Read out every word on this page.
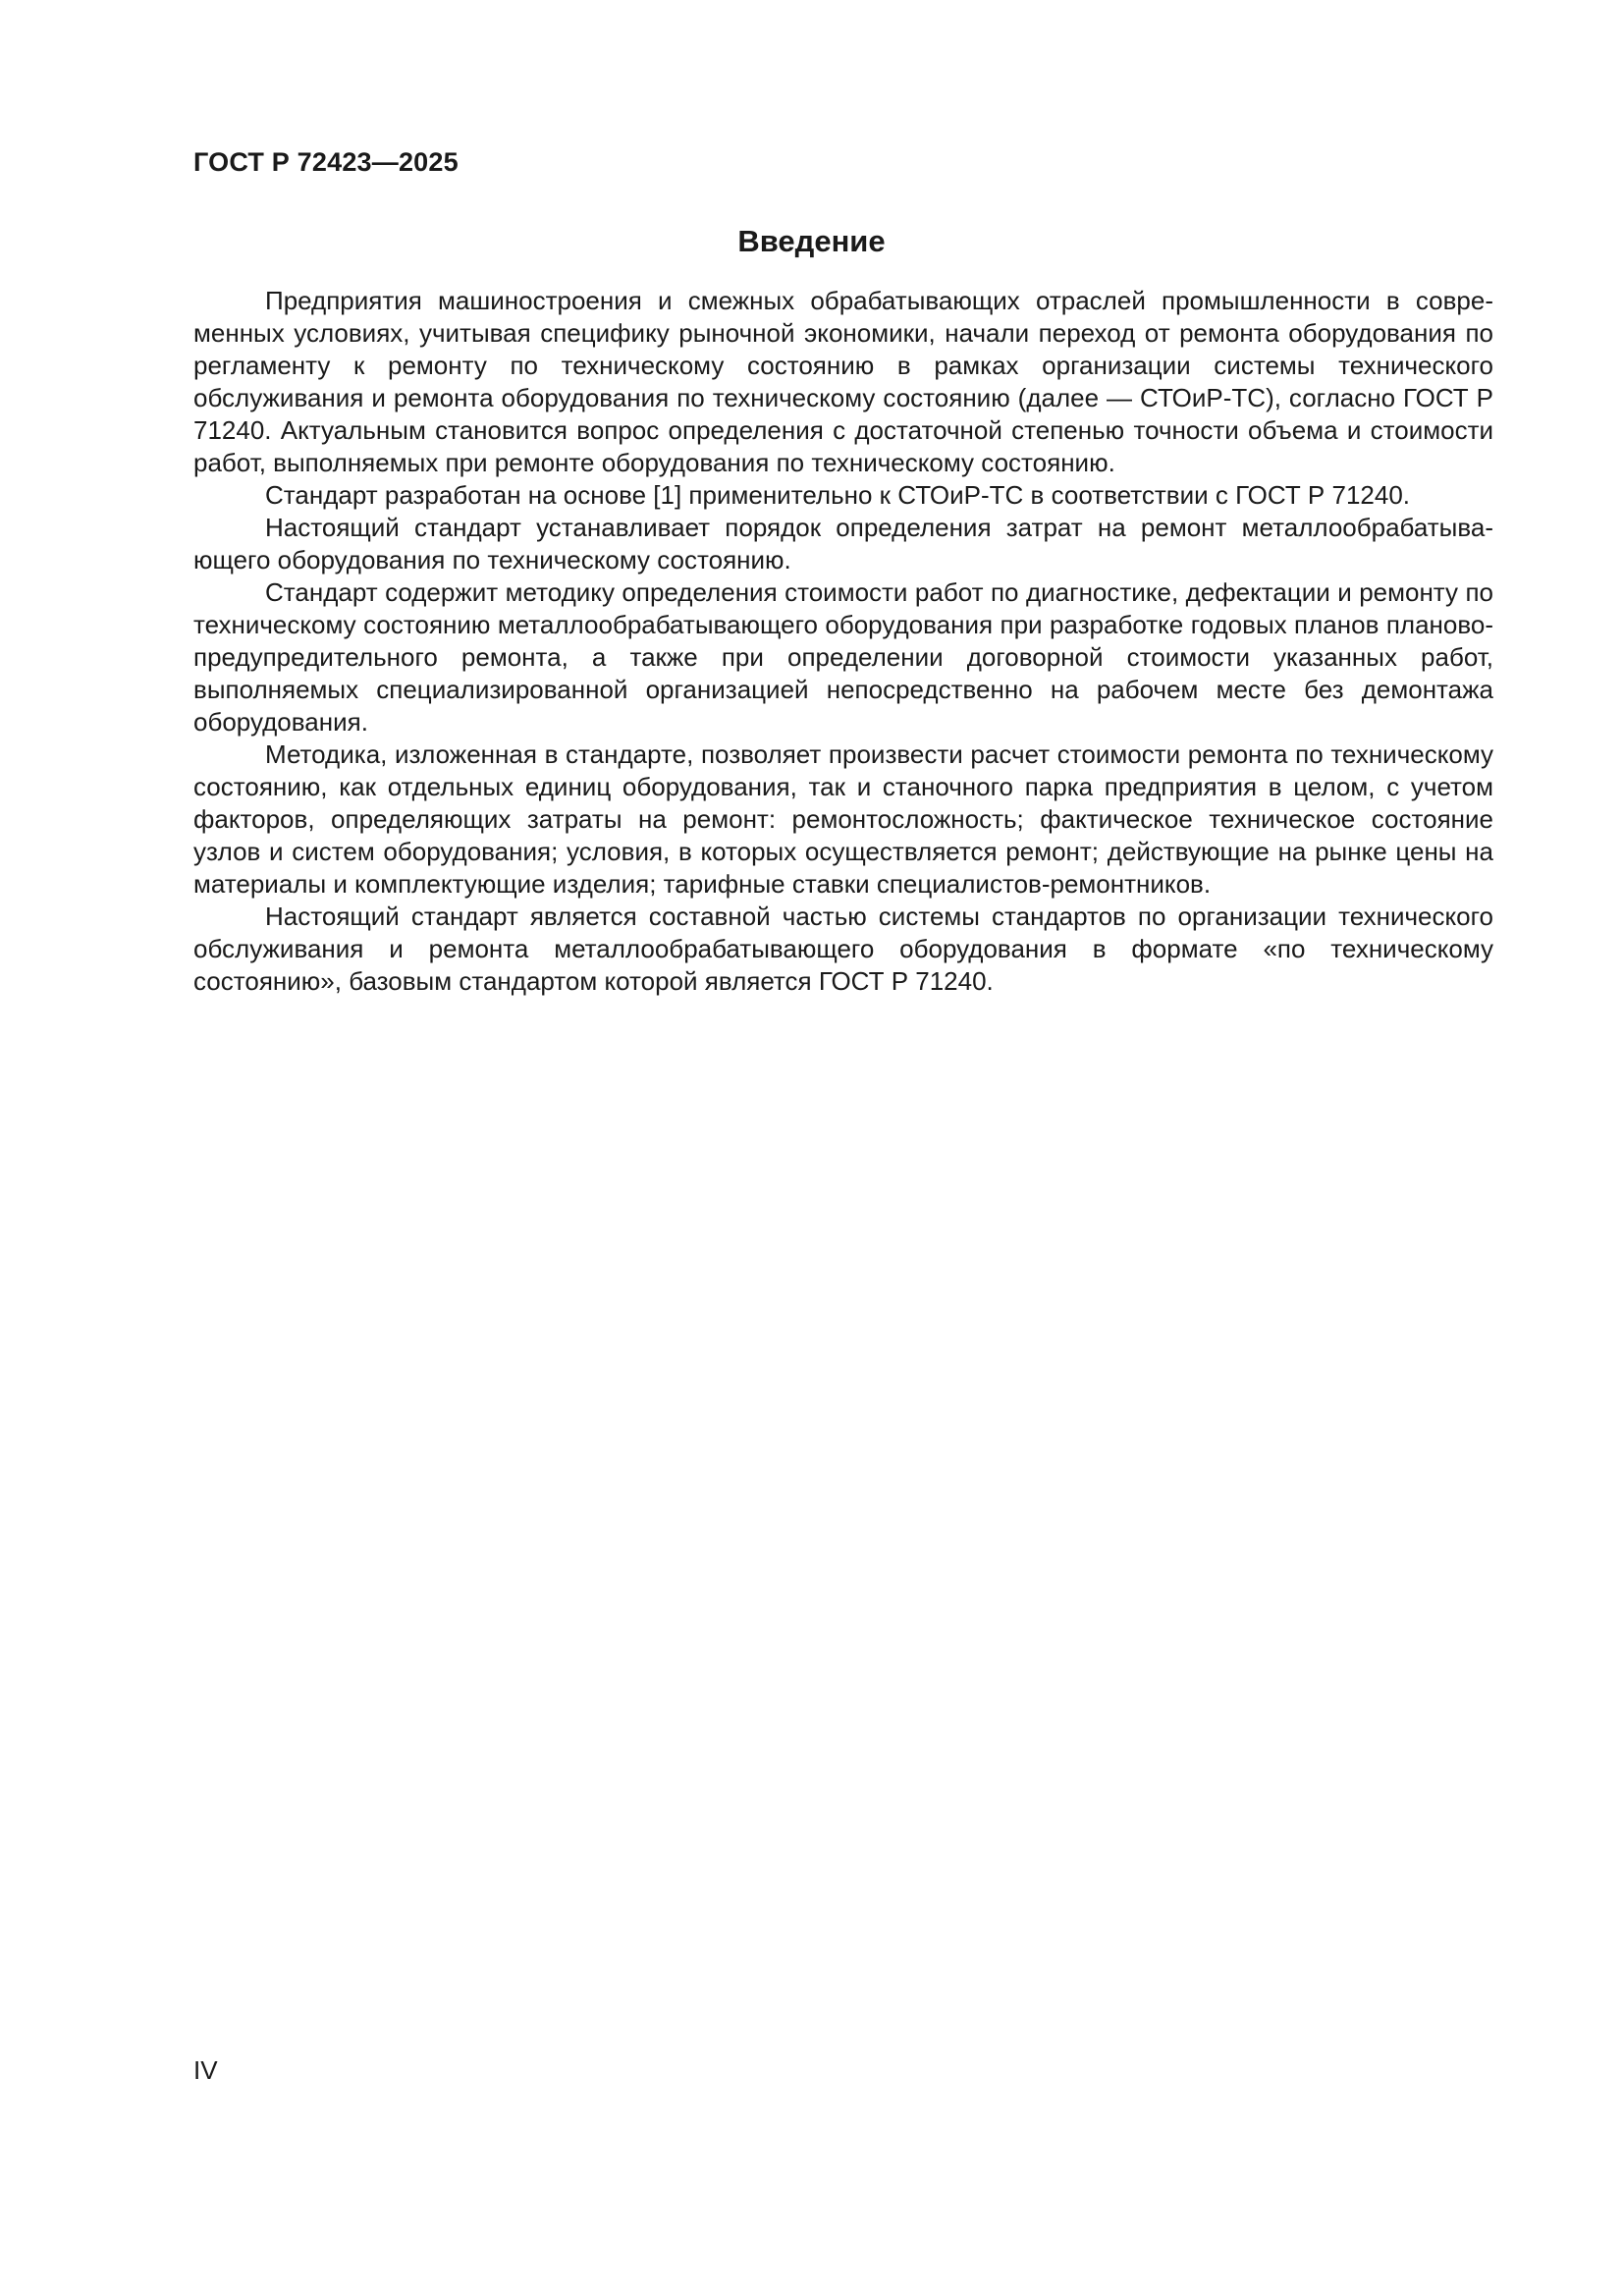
ГОСТ Р 72423—2025
Введение

Предприятия машиностроения и смежных обрабатывающих отраслей промышленности в современных условиях, учитывая специфику рыночной экономики, начали переход от ремонта оборудования по регламенту к ремонту по техническому состоянию в рамках организации системы технического обслуживания и ремонта оборудования по техническому состоянию (далее — СТОиР-ТС), согласно ГОСТ Р 71240. Актуальным становится вопрос определения с достаточной степенью точности объема и стоимости работ, выполняемых при ремонте оборудования по техническому состоянию.

Стандарт разработан на основе [1] применительно к СТОиР-ТС в соответствии с ГОСТ Р 71240.

Настоящий стандарт устанавливает порядок определения затрат на ремонт металлообрабатывающего оборудования по техническому состоянию.

Стандарт содержит методику определения стоимости работ по диагностике, дефектации и ремонту по техническому состоянию металлообрабатывающего оборудования при разработке годовых планов планово-предупредительного ремонта, а также при определении договорной стоимости указанных работ, выполняемых специализированной организацией непосредственно на рабочем месте без демонтажа оборудования.

Методика, изложенная в стандарте, позволяет произвести расчет стоимости ремонта по техническому состоянию, как отдельных единиц оборудования, так и станочного парка предприятия в целом, с учетом факторов, определяющих затраты на ремонт: ремонтосложность; фактическое техническое состояние узлов и систем оборудования; условия, в которых осуществляется ремонт; действующие на рынке цены на материалы и комплектующие изделия; тарифные ставки специалистов-ремонтников.

Настоящий стандарт является составной частью системы стандартов по организации технического обслуживания и ремонта металлообрабатывающего оборудования в формате «по техническому состоянию», базовым стандартом которой является ГОСТ Р 71240.

IV
